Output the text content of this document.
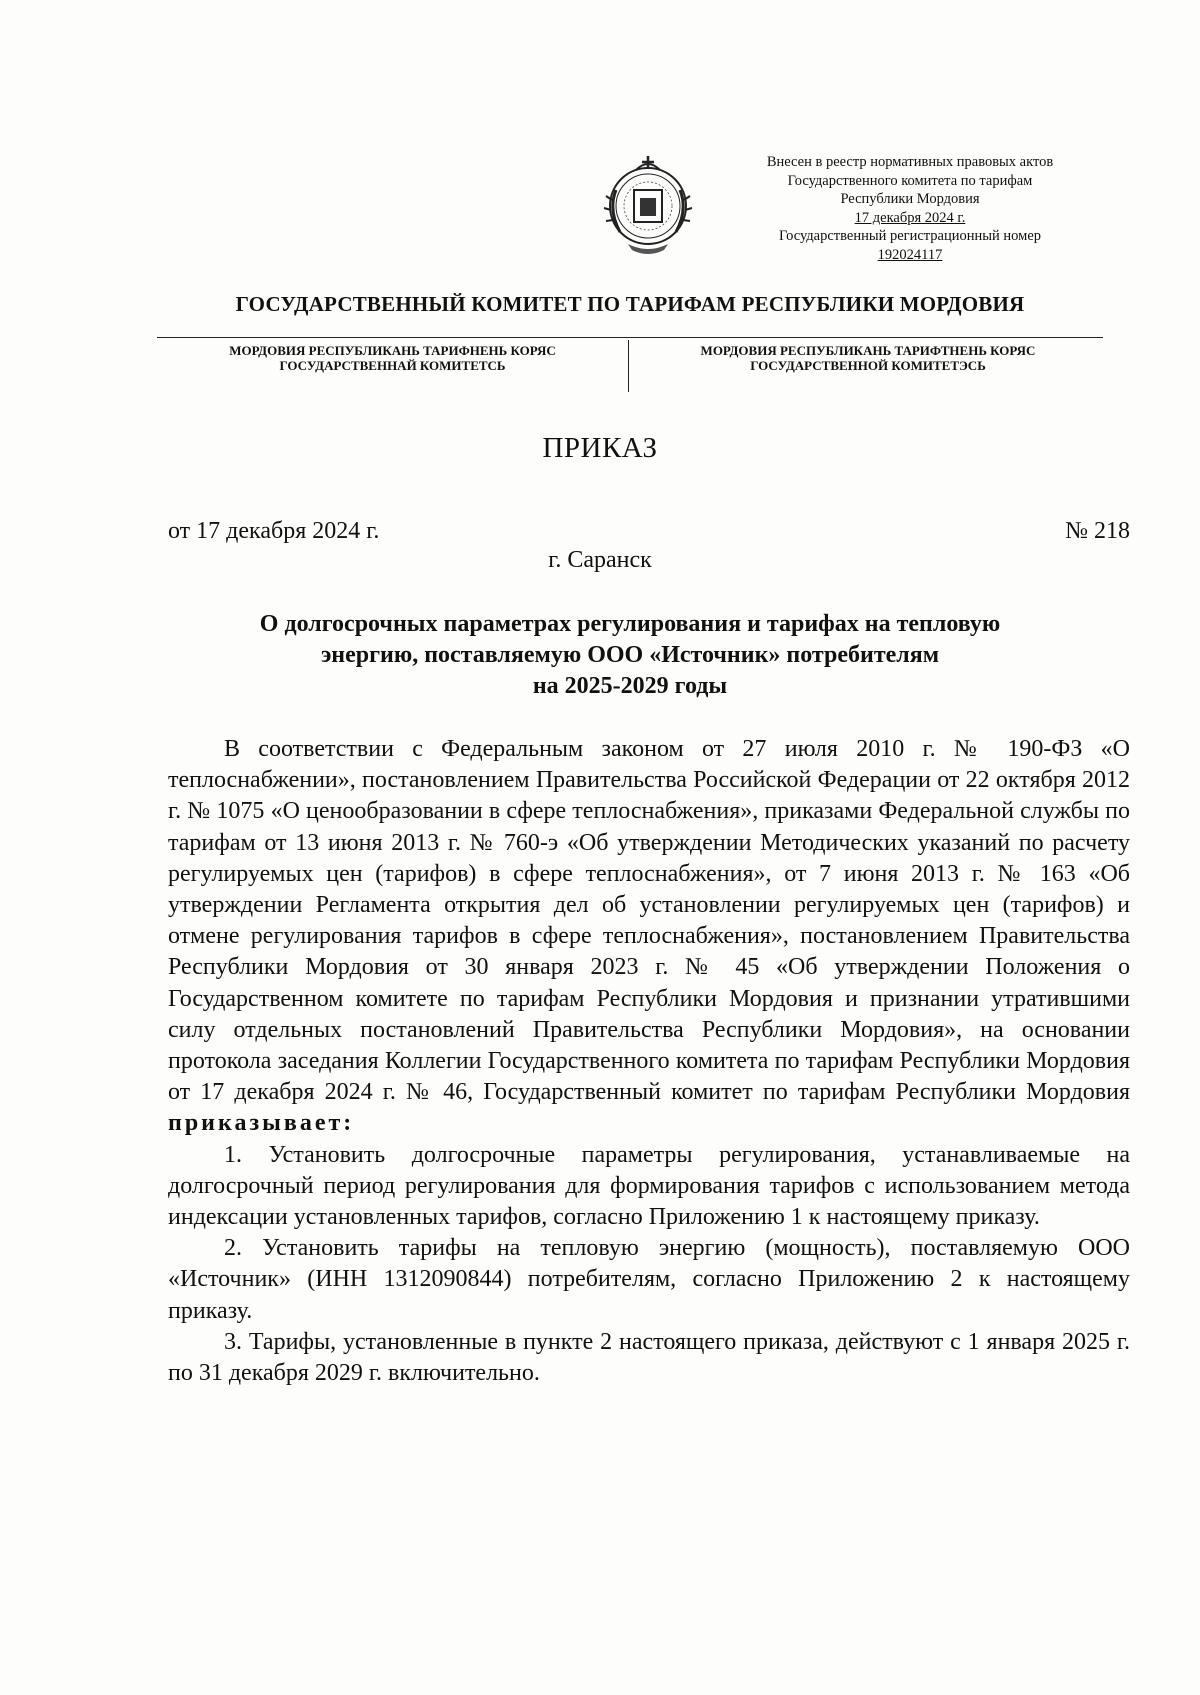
Внесен в реестр нормативных правовых актов
Государственного комитета по тарифам
Республики Мордовия
17 декабря 2024 г.
Государственный регистрационный номер
192024117
ГОСУДАРСТВЕННЫЙ КОМИТЕТ ПО ТАРИФАМ РЕСПУБЛИКИ МОРДОВИЯ
МОРДОВИЯ РЕСПУБЛИКАНЬ ТАРИФНЕНЬ КОРЯС
ГОСУДАРСТВЕННАЙ КОМИТЕТСЬ
МОРДОВИЯ РЕСПУБЛИКАНЬ ТАРИФТНЕНЬ КОРЯС
ГОСУДАРСТВЕННОЙ КОМИТЕТЭСЬ
ПРИКАЗ
от 17 декабря 2024 г.	№ 218
г. Саранск
О долгосрочных параметрах регулирования и тарифах на тепловую
энергию, поставляемую ООО «Источник» потребителям
на 2025-2029 годы

В соответствии с Федеральным законом от 27 июля 2010 г. № 190-ФЗ «О теплоснабжении», постановлением Правительства Российской Федерации от 22 октября 2012 г. № 1075 «О ценообразовании в сфере теплоснабжения», приказами Федеральной службы по тарифам от 13 июня 2013 г. № 760-э «Об утверждении Методических указаний по расчету регулируемых цен (тарифов) в сфере теплоснабжения», от 7 июня 2013 г. № 163 «Об утверждении Регламента открытия дел об установлении регулируемых цен (тарифов) и отмене регулирования тарифов в сфере теплоснабжения», постановлением Правительства Республики Мордовия от 30 января 2023 г. № 45 «Об утверждении Положения о Государственном комитете по тарифам Республики Мордовия и признании утратившими силу отдельных постановлений Правительства Республики Мордовия», на основании протокола заседания Коллегии Государственного комитета по тарифам Республики Мордовия от 17 декабря 2024 г. № 46, Государственный комитет по тарифам Республики Мордовия приказывает:

1. Установить долгосрочные параметры регулирования, устанавливаемые на долгосрочный период регулирования для формирования тарифов с использованием метода индексации установленных тарифов, согласно Приложению 1 к настоящему приказу.

2. Установить тарифы на тепловую энергию (мощность), поставляемую ООО «Источник» (ИНН 1312090844) потребителям, согласно Приложению 2 к настоящему приказу.

3. Тарифы, установленные в пункте 2 настоящего приказа, действуют с 1 января 2025 г. по 31 декабря 2029 г. включительно.
